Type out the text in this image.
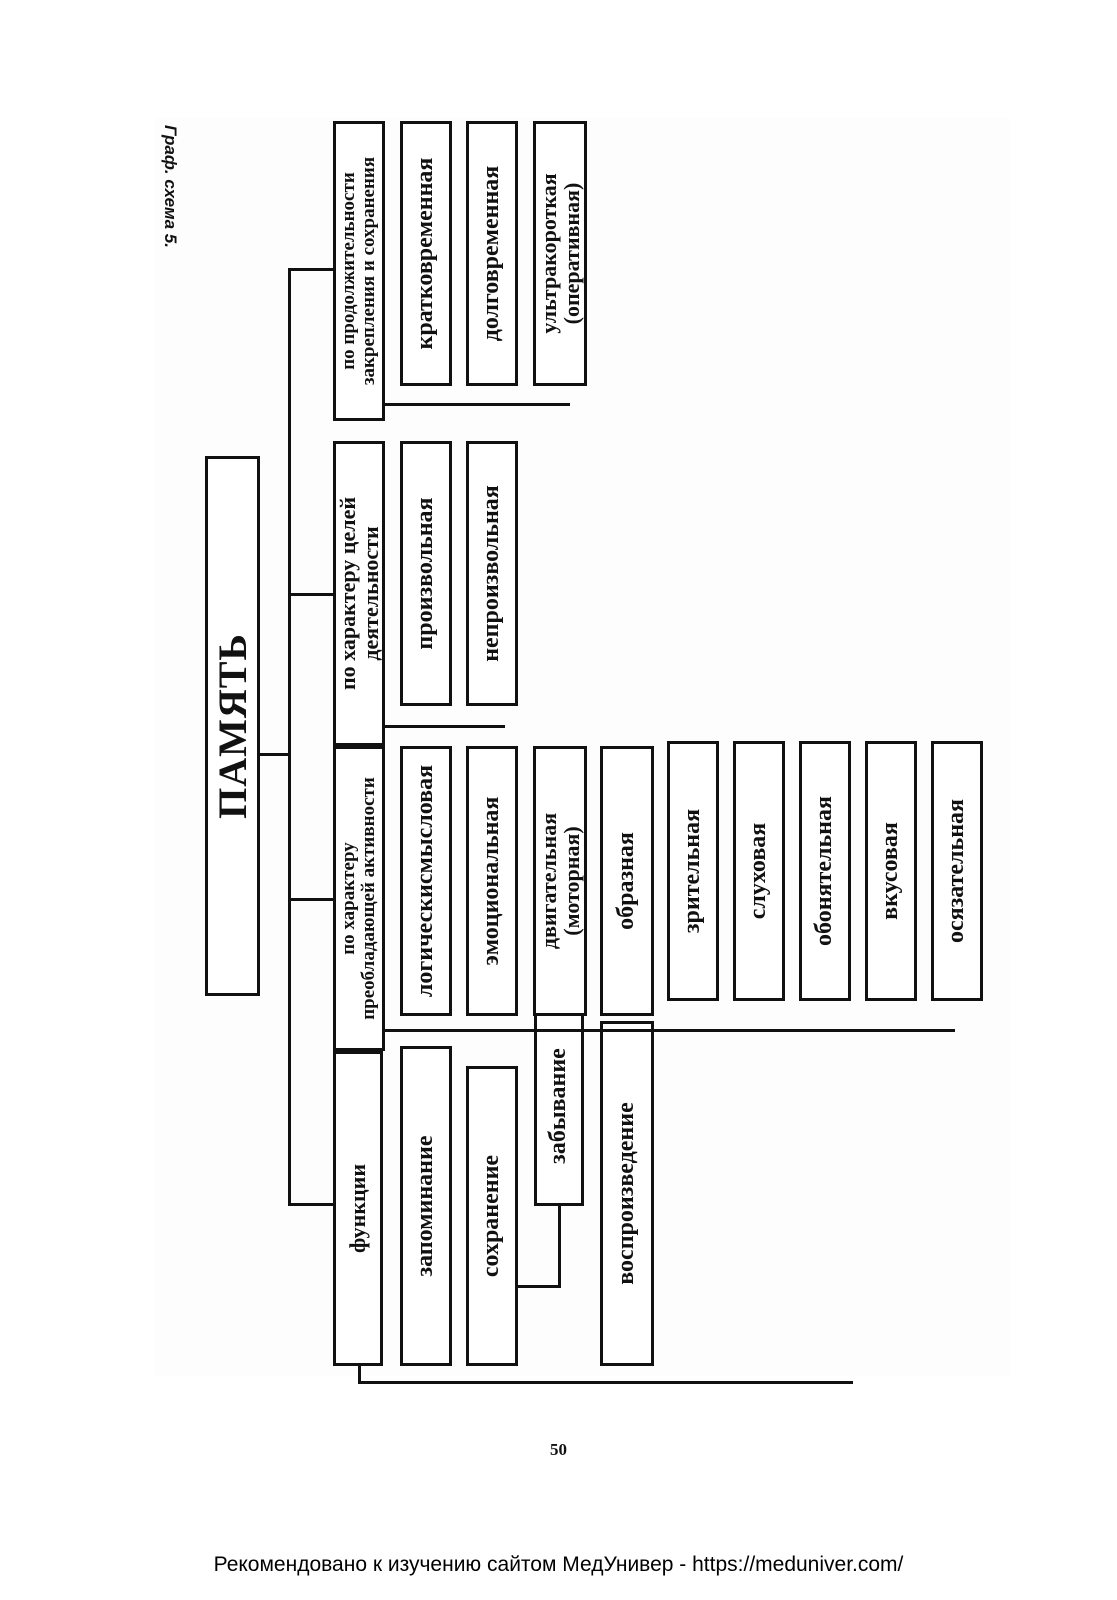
Граф. схема 5.
ПАМЯТЬ
функции запоминание сохранение
забывание воспроизведение
по характеру
преобладающей активности логическисмысловая эмоциональная двигательная
(моторная) образная зрительная слуховая обонятельная вкусовая осязательная
по характеру целей
деятельности произвольная непроизвольная
по продолжительности
закрепления и сохранения кратковременная долговременная ультракороткая
(оперативная)
50
Рекомендовано к изучению сайтом МедУнивер - https://meduniver.com/
